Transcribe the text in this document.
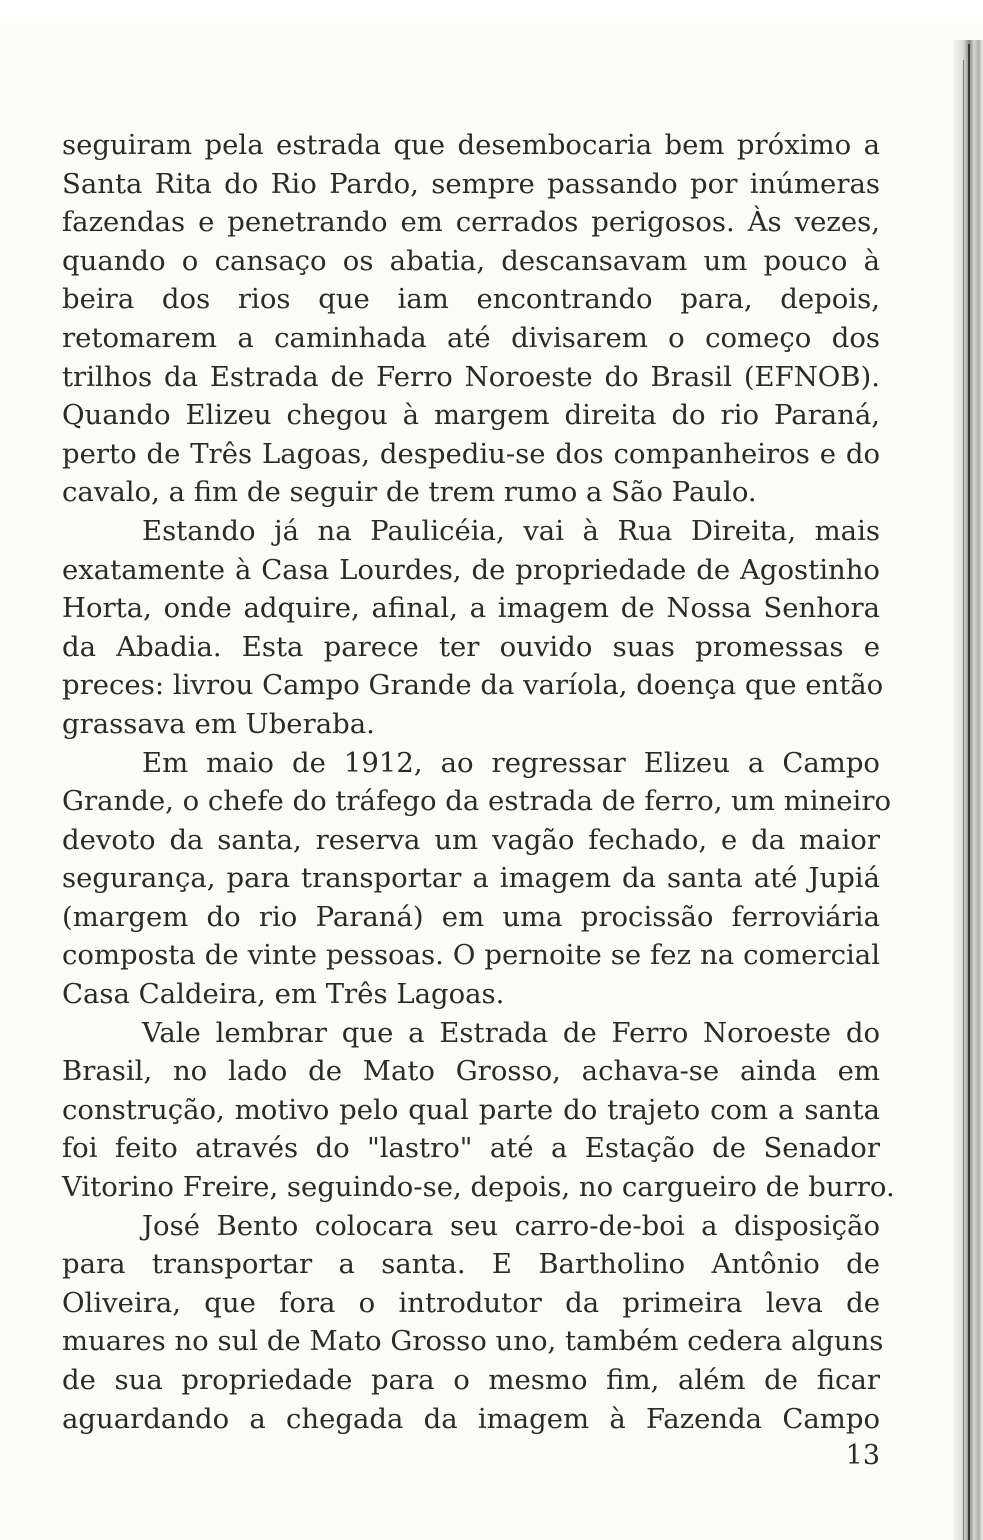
seguiram pela estrada que desembocaria bem próximo a
Santa Rita do Rio Pardo, sempre passando por inúmeras
fazendas e penetrando em cerrados perigosos. Às vezes,
quando o cansaço os abatia, descansavam um pouco à
beira dos rios que iam encontrando para, depois,
retomarem a caminhada até divisarem o começo dos
trilhos da Estrada de Ferro Noroeste do Brasil (EFNOB).
Quando Elizeu chegou à margem direita do rio Paraná,
perto de Três Lagoas, despediu-se dos companheiros e do
cavalo, a fim de seguir de trem rumo a São Paulo.
Estando já na Paulicéia, vai à Rua Direita, mais
exatamente à Casa Lourdes, de propriedade de Agostinho
Horta, onde adquire, afinal, a imagem de Nossa Senhora
da Abadia. Esta parece ter ouvido suas promessas e
preces: livrou Campo Grande da varíola, doença que então
grassava em Uberaba.
Em maio de 1912, ao regressar Elizeu a Campo
Grande, o chefe do tráfego da estrada de ferro, um mineiro
devoto da santa, reserva um vagão fechado, e da maior
segurança, para transportar a imagem da santa até Jupiá
(margem do rio Paraná) em uma procissão ferroviária
composta de vinte pessoas. O pernoite se fez na comercial
Casa Caldeira, em Três Lagoas.
Vale lembrar que a Estrada de Ferro Noroeste do
Brasil, no lado de Mato Grosso, achava-se ainda em
construção, motivo pelo qual parte do trajeto com a santa
foi feito através do "lastro" até a Estação de Senador
Vitorino Freire, seguindo-se, depois, no cargueiro de burro.
José Bento colocara seu carro-de-boi a disposição
para transportar a santa. E Bartholino Antônio de
Oliveira, que fora o introdutor da primeira leva de
muares no sul de Mato Grosso uno, também cedera alguns
de sua propriedade para o mesmo fim, além de ficar
aguardando a chegada da imagem à Fazenda Campo
13
